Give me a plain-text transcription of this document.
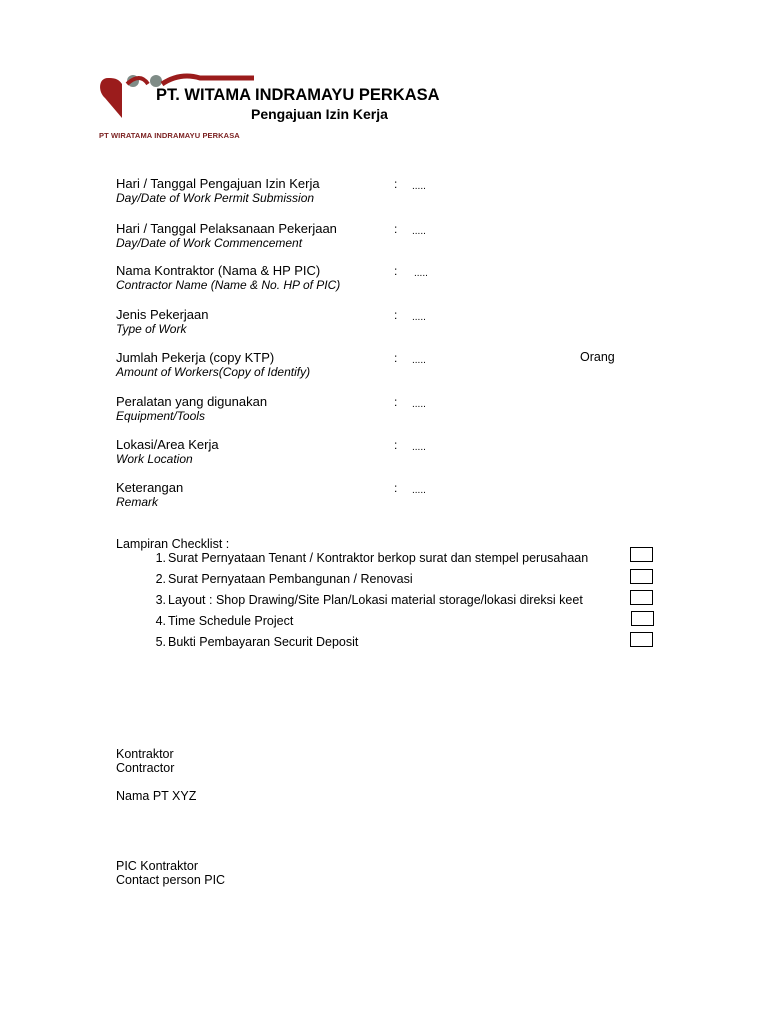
PT WIRATAMA INDRAMAYU PERKASA
PT. WITAMA INDRAMAYU PERKASA
Pengajuan Izin Kerja
Hari / Tanggal Pengajuan Izin Kerja
Day/Date of Work Permit Submission
: .....
Hari / Tanggal Pelaksanaan Pekerjaan
Day/Date of Work Commencement
: .....
Nama Kontraktor (Nama & HP PIC)
Contractor Name (Name & No. HP of PIC)
: .....
Jenis Pekerjaan
Type of Work
: .....
Jumlah Pekerja (copy KTP)
Amount of Workers(Copy of Identify)
: .....	Orang
Peralatan yang digunakan
Equipment/Tools
: .....
Lokasi/Area Kerja
Work Location
: .....
Keterangan
Remark
: .....
Lampiran Checklist :
1. Surat Pernyataan Tenant / Kontraktor berkop surat dan stempel perusahaan
2. Surat Pernyataan Pembangunan / Renovasi
3. Layout : Shop Drawing/Site Plan/Lokasi material storage/lokasi direksi keet
4. Time Schedule Project
5. Bukti Pembayaran Securit Deposit
Kontraktor
Contractor
Nama PT XYZ
PIC Kontraktor
Contact person PIC
